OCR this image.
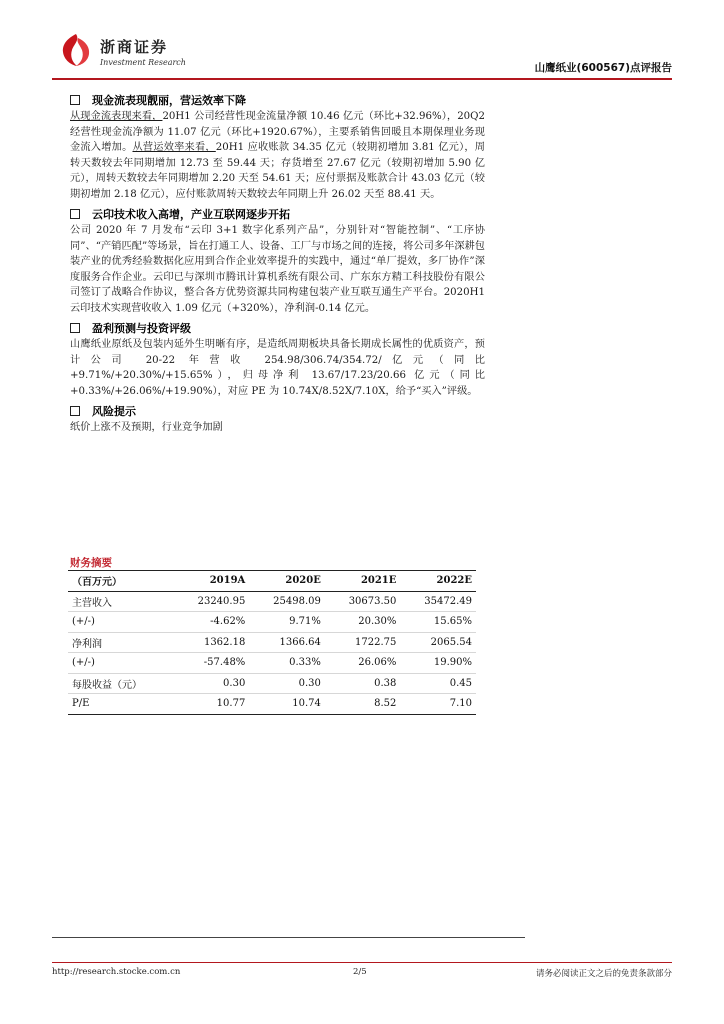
浙商证券
Investment Research	山鹰纸业(600567)点评报告
现金流表现靓丽，营运效率下降

从现金流表现来看，20H1 公司经营性现金流量净额 10.46 亿元（环比+32.96%），20Q2 经营性现金流净额为 11.07 亿元（环比+1920.67%），主要系销售回暖且本期保理业务现金流入增加。从营运效率来看，20H1 应收账款 34.35 亿元（较期初增加 3.81 亿元），周转天数较去年同期增加 12.73 至 59.44 天；存货增至 27.67 亿元（较期初增加 5.90 亿元），周转天数较去年同期增加 2.20 天至 54.61 天；应付票据及账款合计 43.03 亿元（较期初增加 2.18 亿元），应付账款周转天数较去年同期上升 26.02 天至 88.41 天。

云印技术收入高增，产业互联网逐步开拓

公司 2020 年 7 月发布“云印 3+1 数字化系列产品”，分别针对“智能控制”、“工序协同”、“产销匹配”等场景，旨在打通工人、设备、工厂与市场之间的连接，将公司多年深耕包装产业的优秀经验数据化应用到合作企业效率提升的实践中，通过“单厂提效，多厂协作”深度服务合作企业。云印已与深圳市腾讯计算机系统有限公司、广东东方精工科技股份有限公司签订了战略合作协议，整合各方优势资源共同构建包装产业互联互通生产平台。2020H1 云印技术实现营收收入 1.09 亿元（+320%），净利润-0.14 亿元。

盈利预测与投资评级

山鹰纸业原纸及包装内延外生明晰有序，是造纸周期板块具备长期成长属性的优质资产，预计公司 20-22 年营收 254.98/306.74/354.72/亿元（同比+9.71%/+20.30%/+15.65%），归母净利 13.67/17.23/20.66 亿元（同比+0.33%/+26.06%/+19.90%），对应 PE 为 10.74X/8.52X/7.10X，给予“买入”评级。

风险提示

纸价上涨不及预期，行业竞争加剧

财务摘要
（百万元）	2019A	2020E	2021E	2022E
主营收入	23240.95	25498.09	30673.50	35472.49
(+/-)	-4.62%	9.71%	20.30%	15.65%
净利润	1362.18	1366.64	1722.75	2065.54
(+/-)	-57.48%	0.33%	26.06%	19.90%
每股收益（元）	0.30	0.30	0.38	0.45
P/E	10.77	10.74	8.52	7.10
http://research.stocke.com.cn	2/5	请务必阅读正文之后的免责条款部分
